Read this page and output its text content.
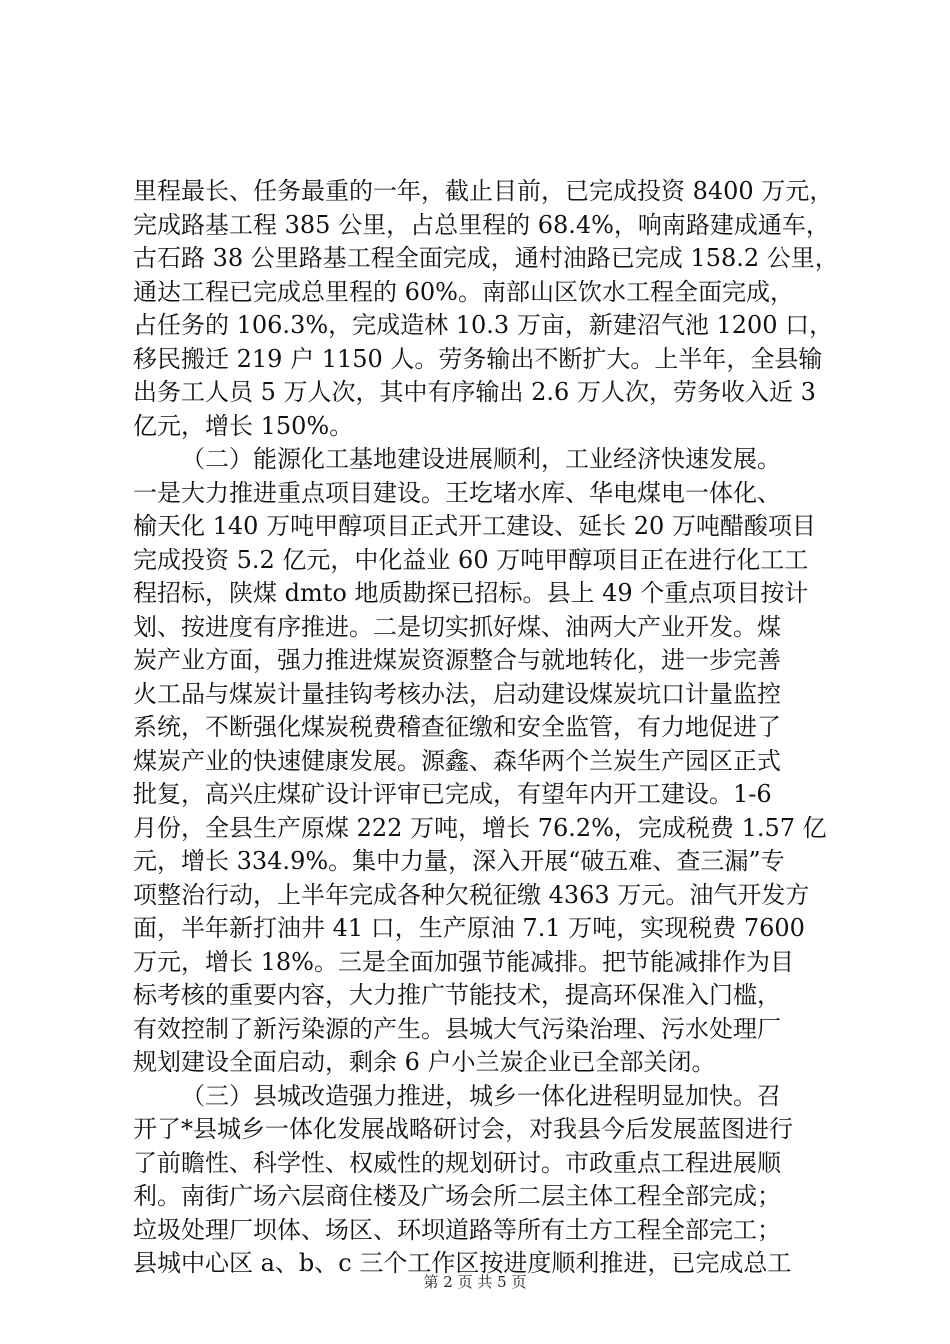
里程最长、任务最重的一年，截止目前，已完成投资 8400 万元，
完成路基工程 385 公里，占总里程的 68.4%，响南路建成通车，
古石路 38 公里路基工程全面完成，通村油路已完成 158.2 公里，
通达工程已完成总里程的 60%。南部山区饮水工程全面完成，
占任务的 106.3%，完成造林 10.3 万亩，新建沼气池 1200 口，
移民搬迁 219 户 1150 人。劳务输出不断扩大。上半年，全县输
出务工人员 5 万人次，其中有序输出 2.6 万人次，劳务收入近 3
亿元，增长 150%。
（二）能源化工基地建设进展顺利，工业经济快速发展。
一是大力推进重点项目建设。王圪堵水库、华电煤电一体化、
榆天化 140 万吨甲醇项目正式开工建设、延长 20 万吨醋酸项目
完成投资 5.2 亿元，中化益业 60 万吨甲醇项目正在进行化工工
程招标，陕煤 dmto 地质勘探已招标。县上 49 个重点项目按计
划、按进度有序推进。二是切实抓好煤、油两大产业开发。煤
炭产业方面，强力推进煤炭资源整合与就地转化，进一步完善
火工品与煤炭计量挂钩考核办法，启动建设煤炭坑口计量监控
系统，不断强化煤炭税费稽查征缴和安全监管，有力地促进了
煤炭产业的快速健康发展。源鑫、森华两个兰炭生产园区正式
批复，高兴庄煤矿设计评审已完成，有望年内开工建设。1-6
月份，全县生产原煤 222 万吨，增长 76.2%，完成税费 1.57 亿
元，增长 334.9%。集中力量，深入开展“破五难、查三漏”专
项整治行动，上半年完成各种欠税征缴 4363 万元。油气开发方
面，半年新打油井 41 口，生产原油 7.1 万吨，实现税费 7600
万元，增长 18%。三是全面加强节能减排。把节能减排作为目
标考核的重要内容，大力推广节能技术，提高环保准入门槛，
有效控制了新污染源的产生。县城大气污染治理、污水处理厂
规划建设全面启动，剩余 6 户小兰炭企业已全部关闭。
（三）县城改造强力推进，城乡一体化进程明显加快。召
开了*县城乡一体化发展战略研讨会，对我县今后发展蓝图进行
了前瞻性、科学性、权威性的规划研讨。市政重点工程进展顺
利。南街广场六层商住楼及广场会所二层主体工程全部完成；
垃圾处理厂坝体、场区、环坝道路等所有土方工程全部完工；
县城中心区 a、b、c 三个工作区按进度顺利推进，已完成总工
第 2 页 共 5 页
